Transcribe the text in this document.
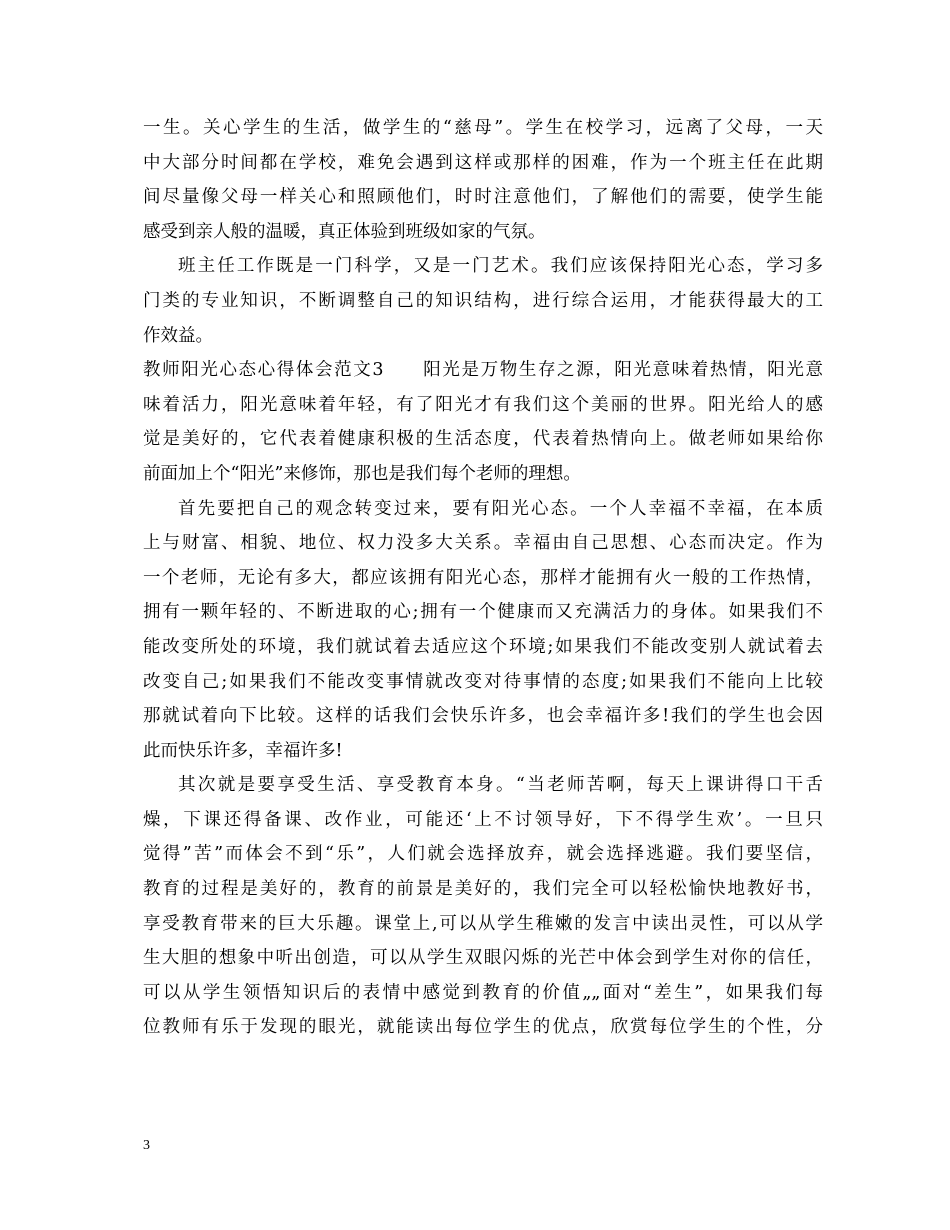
一生。关心学生的生活，做学生的“慈母”。学生在校学习，远离了父母，一天
中大部分时间都在学校，难免会遇到这样或那样的困难，作为一个班主任在此期
间尽量像父母一样关心和照顾他们，时时注意他们，了解他们的需要，使学生能
感受到亲人般的温暖，真正体验到班级如家的气氛。
班主任工作既是一门科学，又是一门艺术。我们应该保持阳光心态，学习多
门类的专业知识，不断调整自己的知识结构，进行综合运用，才能获得最大的工
作效益。
教师阳光心态心得体会范文3　　阳光是万物生存之源，阳光意味着热情，阳光意
味着活力，阳光意味着年轻，有了阳光才有我们这个美丽的世界。阳光给人的感
觉是美好的，它代表着健康积极的生活态度，代表着热情向上。做老师如果给你
前面加上个“阳光”来修饰，那也是我们每个老师的理想。
首先要把自己的观念转变过来，要有阳光心态。一个人幸福不幸福，在本质
上与财富、相貌、地位、权力没多大关系。幸福由自己思想、心态而决定。作为
一个老师，无论有多大，都应该拥有阳光心态，那样才能拥有火一般的工作热情，
拥有一颗年轻的、不断进取的心;拥有一个健康而又充满活力的身体。如果我们不
能改变所处的环境，我们就试着去适应这个环境;如果我们不能改变别人就试着去
改变自己;如果我们不能改变事情就改变对待事情的态度;如果我们不能向上比较
那就试着向下比较。这样的话我们会快乐许多，也会幸福许多!我们的学生也会因
此而快乐许多，幸福许多!
其次就是要享受生活、享受教育本身。“当老师苦啊，每天上课讲得口干舌
燥，下课还得备课、改作业，可能还‘上不讨领导好，下不得学生欢’。一旦只
觉得”苦”而体会不到“乐”，人们就会选择放弃，就会选择逃避。我们要坚信，
教育的过程是美好的，教育的前景是美好的，我们完全可以轻松愉快地教好书，
享受教育带来的巨大乐趣。课堂上,可以从学生稚嫩的发言中读出灵性，可以从学
生大胆的想象中听出创造，可以从学生双眼闪烁的光芒中体会到学生对你的信任，
可以从学生领悟知识后的表情中感觉到教育的价值„„面对“差生”，如果我们每
位教师有乐于发现的眼光，就能读出每位学生的优点，欣赏每位学生的个性，分
3
